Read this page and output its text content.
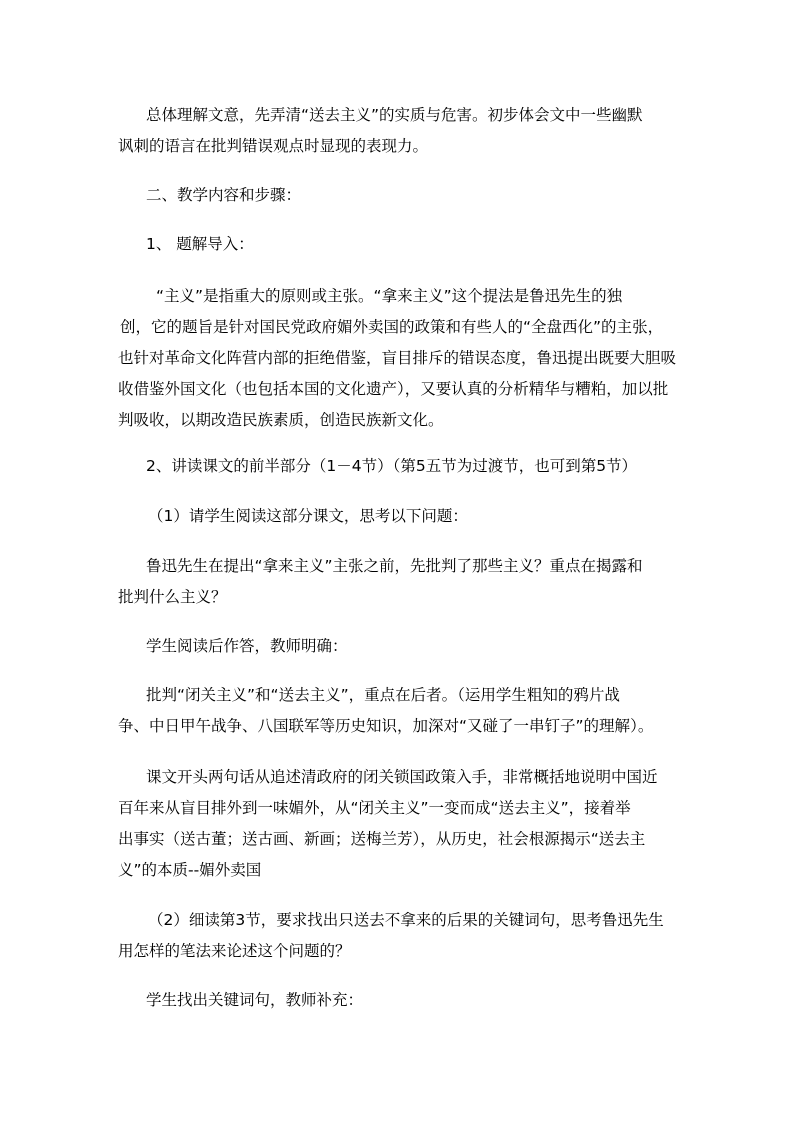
总体理解文意，先弄清“送去主义”的实质与危害。初步体会文中一些幽默
讽刺的语言在批判错误观点时显现的表现力。
二、教学内容和步骤：
1、 题解导入：
“主义”是指重大的原则或主张。“拿来主义”这个提法是鲁迅先生的独
创，它的题旨是针对国民党政府媚外卖国的政策和有些人的“全盘西化”的主张，
也针对革命文化阵营内部的拒绝借鉴，盲目排斥的错误态度，鲁迅提出既要大胆吸
收借鉴外国文化（也包括本国的文化遗产），又要认真的分析精华与糟粕，加以批
判吸收，以期改造民族素质，创造民族新文化。
2、讲读课文的前半部分（1－4节）（第5五节为过渡节，也可到第5节）
（1）请学生阅读这部分课文，思考以下问题：
鲁迅先生在提出“拿来主义”主张之前，先批判了那些主义？重点在揭露和
批判什么主义？
学生阅读后作答，教师明确：
批判“闭关主义”和“送去主义”，重点在后者。（运用学生粗知的鸦片战
争、中日甲午战争、八国联军等历史知识，加深对“又碰了一串钉子”的理解）。
课文开头两句话从追述清政府的闭关锁国政策入手，非常概括地说明中国近
百年来从盲目排外到一味媚外，从“闭关主义”一变而成“送去主义”，接着举
出事实（送古董；送古画、新画；送梅兰芳），从历史，社会根源揭示“送去主
义”的本质--媚外卖国
（2）细读第3节，要求找出只送去不拿来的后果的关键词句，思考鲁迅先生
用怎样的笔法来论述这个问题的？
学生找出关键词句，教师补充：
